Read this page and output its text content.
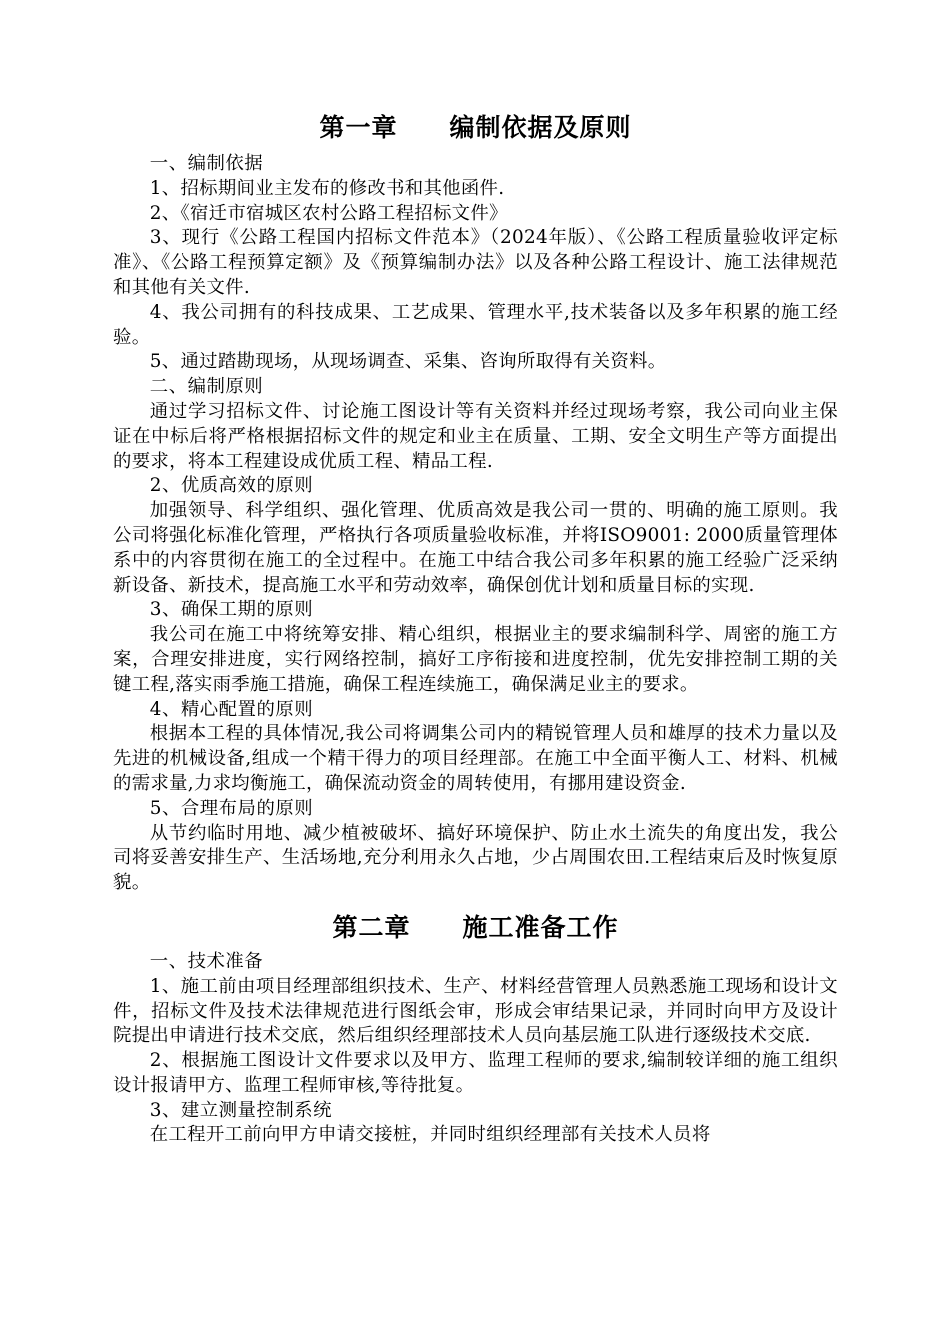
第一章 编制依据及原则

一、编制依据

1、招标期间业主发布的修改书和其他函件.

2、《宿迁市宿城区农村公路工程招标文件》

3、现行《公路工程国内招标文件范本》（2024年版）、《公路工程质量验收评定标准》、《公路工程预算定额》及《预算编制办法》以及各种公路工程设计、施工法律规范和其他有关文件.

4、我公司拥有的科技成果、工艺成果、管理水平,技术装备以及多年积累的施工经验。

5、通过踏勘现场，从现场调查、采集、咨询所取得有关资料。

二、编制原则

通过学习招标文件、讨论施工图设计等有关资料并经过现场考察，我公司向业主保证在中标后将严格根据招标文件的规定和业主在质量、工期、安全文明生产等方面提出的要求，将本工程建设成优质工程、精品工程.

2、优质高效的原则

加强领导、科学组织、强化管理、优质高效是我公司一贯的、明确的施工原则。我公司将强化标准化管理，严格执行各项质量验收标准，并将ISO9001: 2000质量管理体系中的内容贯彻在施工的全过程中。在施工中结合我公司多年积累的施工经验广泛采纳新设备、新技术，提高施工水平和劳动效率，确保创优计划和质量目标的实现.

3、确保工期的原则

我公司在施工中将统筹安排、精心组织，根据业主的要求编制科学、周密的施工方案，合理安排进度，实行网络控制，搞好工序衔接和进度控制，优先安排控制工期的关键工程,落实雨季施工措施，确保工程连续施工，确保满足业主的要求。

4、精心配置的原则

根据本工程的具体情况,我公司将调集公司内的精锐管理人员和雄厚的技术力量以及先进的机械设备,组成一个精干得力的项目经理部。在施工中全面平衡人工、材料、机械的需求量,力求均衡施工，确保流动资金的周转使用，有挪用建设资金.

5、合理布局的原则

从节约临时用地、减少植被破坏、搞好环境保护、防止水土流失的角度出发，我公司将妥善安排生产、生活场地,充分利用永久占地，少占周围农田.工程结束后及时恢复原貌。

第二章 施工准备工作

一、技术准备

1、施工前由项目经理部组织技术、生产、材料经营管理人员熟悉施工现场和设计文件，招标文件及技术法律规范进行图纸会审，形成会审结果记录，并同时向甲方及设计院提出申请进行技术交底，然后组织经理部技术人员向基层施工队进行逐级技术交底.

2、根据施工图设计文件要求以及甲方、监理工程师的要求,编制较详细的施工组织设计报请甲方、监理工程师审核,等待批复。

3、建立测量控制系统

在工程开工前向甲方申请交接桩，并同时组织经理部有关技术人员将
